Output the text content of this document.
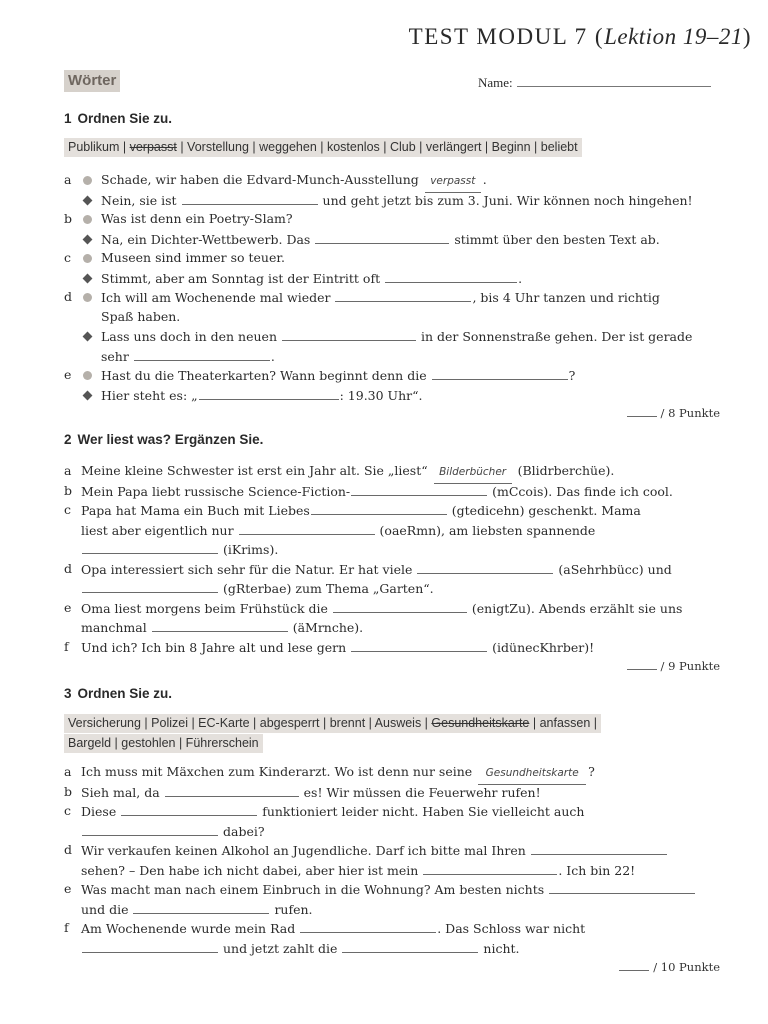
TEST MODUL 7 (Lektion 19–21)
Wörter	Name:
1 Ordnen Sie zu.
Publikum | verpasst | Vorstellung | weggehen | kostenlos | Club | verlängert | Beginn | beliebt
a	Schade, wir haben die Edvard-Munch-Ausstellung verpasst .
Nein, sie ist	und geht jetzt bis zum 3. Juni. Wir können noch hingehen!
b	Was ist denn ein Poetry-Slam?
Na, ein Dichter-Wettbewerb. Das	stimmt über den besten Text ab.
c	Museen sind immer so teuer.
Stimmt, aber am Sonntag ist der Eintritt oft	.
d	Ich will am Wochenende mal wieder	, bis 4 Uhr tanzen und richtig
Spaß haben.
Lass uns doch in den neuen	in der Sonnenstraße gehen. Der ist gerade
sehr	.
e	Hast du die Theaterkarten? Wann beginnt denn die	?
Hier steht es: „	: 19.30 Uhr“.
/ 8 Punkte
2 Wer liest was? Ergänzen Sie.
a Meine kleine Schwester ist erst ein Jahr alt. Sie „liest“ Bilderbücher (Blidrberchüe).
b Mein Papa liebt russische Science-Fiction-	(mCcois). Das finde ich cool.
c Papa hat Mama ein Buch mit Liebes	(gtedicehn) geschenkt. Mama
liest aber eigentlich nur	(oaeRmn), am liebsten spannende
(iKrims).
d Opa interessiert sich sehr für die Natur. Er hat viele	(aSehrhbücc) und
(gRterbae) zum Thema „Garten“.
e Oma liest morgens beim Frühstück die	(enigtZu). Abends erzählt sie uns
manchmal	(äMrnche).
f Und ich? Ich bin 8 Jahre alt und lese gern	(idünecKhrber)!
/ 9 Punkte
3 Ordnen Sie zu.
Versicherung | Polizei | EC-Karte | abgesperrt | brennt | Ausweis | Gesundheitskarte | anfassen |
Bargeld | gestohlen | Führerschein
a Ich muss mit Mäxchen zum Kinderarzt. Wo ist denn nur seine Gesundheitskarte ?
b Sieh mal, da	es! Wir müssen die Feuerwehr rufen!
c Diese	funktioniert leider nicht. Haben Sie vielleicht auch
dabei?
d Wir verkaufen keinen Alkohol an Jugendliche. Darf ich bitte mal Ihren
sehen? – Den habe ich nicht dabei, aber hier ist mein	. Ich bin 22!
e Was macht man nach einem Einbruch in die Wohnung? Am besten nichts
und die	rufen.
f Am Wochenende wurde mein Rad	. Das Schloss war nicht
und jetzt zahlt die	nicht.
/ 10 Punkte
